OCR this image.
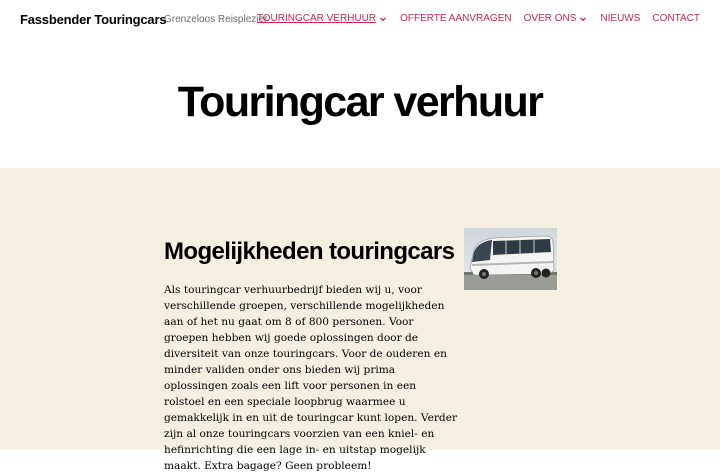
Fassbender Touringcars
Grenzeloos Reisplezier
TOURINGCAR VERHUUR OFFERTE AANVRAGEN OVER ONS NIEUWS CONTACT
Touringcar verhuur
Mogelijkheden touringcars

Als touringcar verhuurbedrijf bieden wij u, voor verschillende groepen, verschillende mogelijkheden aan of het nu gaat om 8 of 800 personen. Voor groepen hebben wij goede oplossingen door de diversiteit van onze touringcars. Voor de ouderen en minder validen onder ons bieden wij prima oplossingen zoals een lift voor personen in een rolstoel en een speciale loopbrug waarmee u gemakkelijk in en uit de touringcar kunt lopen. Verder zijn al onze touringcars voorzien van een kniel- en hefinrichting die een lage in- en uitstap mogelijk maakt. Extra bagage? Geen probleem!
